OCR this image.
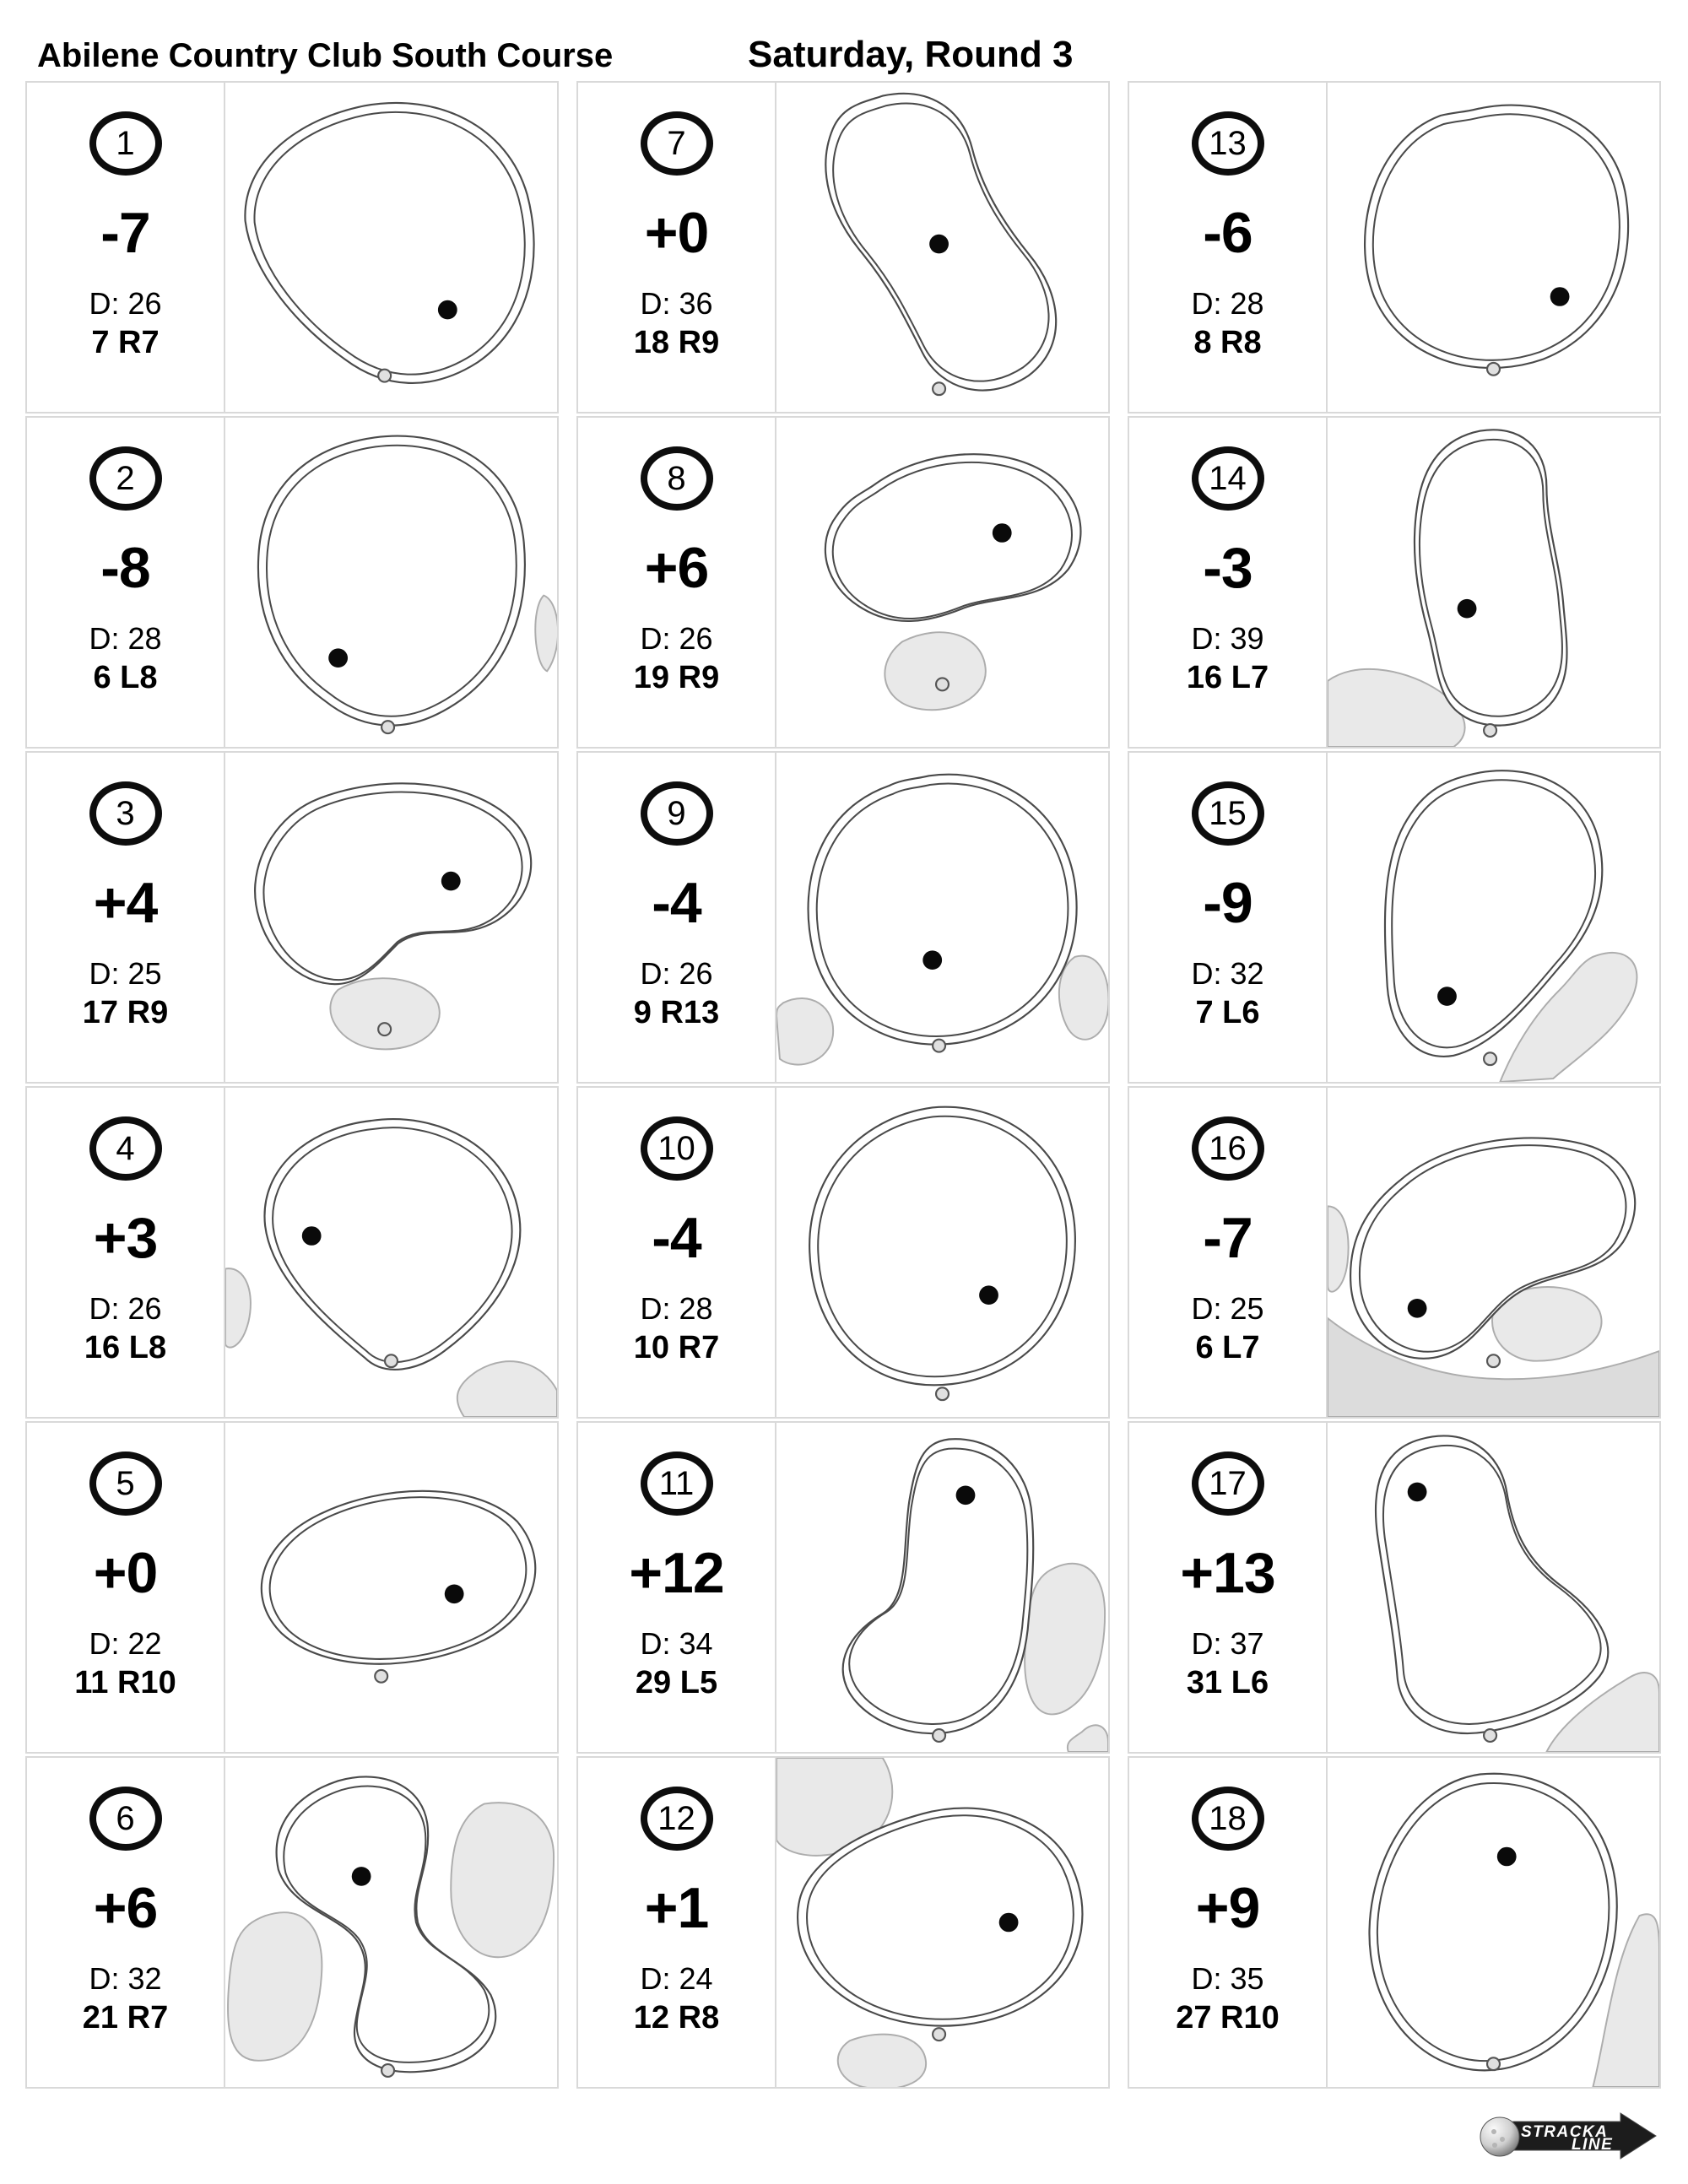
Abilene Country Club South Course	Saturday, Round 3
1
-7
D: 26
7 R7
2
-8
D: 28
6 L8
3
+4
D: 25
17 R9
4
+3
D: 26
16 L8
5
+0
D: 22
11 R10
6
+6
D: 32
21 R7
7
+0
D: 36
18 R9
8
+6
D: 26
19 R9
9
-4
D: 26
9 R13
10
-4
D: 28
10 R7
11
+12
D: 34
29 L5
12
+1
D: 24
12 R8
13
-6
D: 28
8 R8
14
-3
D: 39
16 L7
15
-9
D: 32
7 L6
16
-7
D: 25
6 L7
17
+13
D: 37
31 L6
18
+9
D: 35
27 R10
STRACKA
LINE
